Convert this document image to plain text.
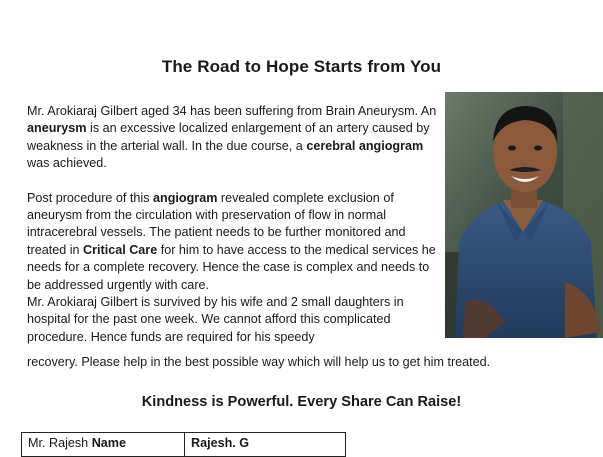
The Road to Hope Starts from You

Mr. Arokiaraj Gilbert aged 34 has been suffering from Brain Aneurysm. An aneurysm is an excessive localized enlargement of an artery caused by weakness in the arterial wall. In the due course, a cerebral angiogram was achieved.

Post procedure of this angiogram revealed complete exclusion of aneurysm from the circulation with preservation of flow in normal intracerebral vessels. The patient needs to be further monitored and treated in Critical Care for him to have access to the medical services he needs for a complete recovery. Hence the case is complex and needs to be addressed urgently with care.

Mr. Arokiaraj Gilbert is survived by his wife and 2 small daughters in hospital for the past one week. We cannot afford this complicated procedure. Hence funds are required for his speedy

recovery. Please help in the best possible way which will help us to get him treated.
Kindness is Powerful. Every Share Can Raise!
Mr. Rajesh Name	Rajesh. G
